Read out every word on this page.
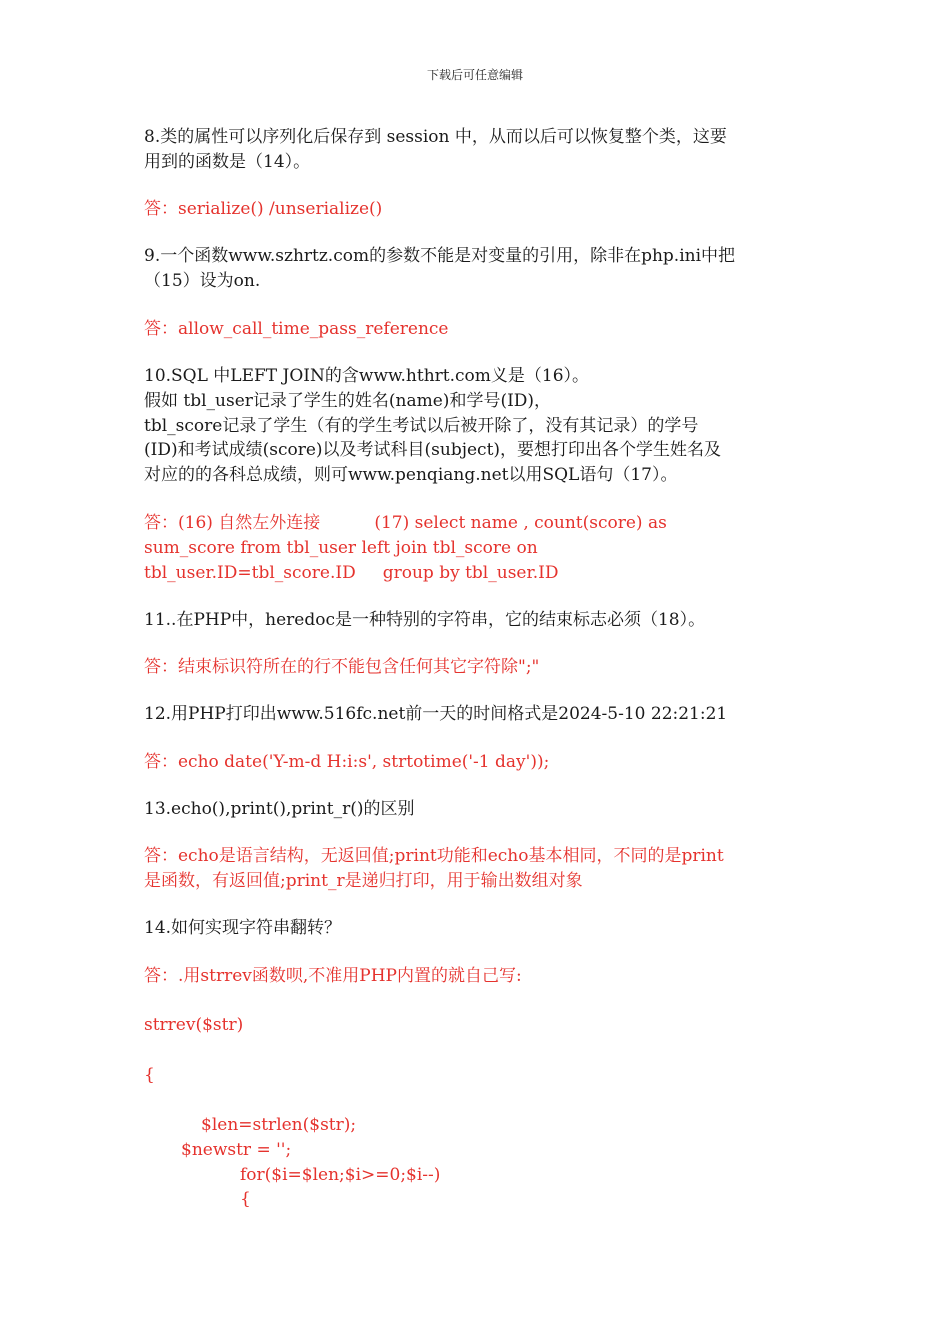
下载后可任意编辑
8.类的属性可以序列化后保存到 session 中，从而以后可以恢复整个类，这要
用到的函数是（14）。
答：serialize() /unserialize()
9.一个函数www.szhrtz.com的参数不能是对变量的引用，除非在php.ini中把
（15）设为on.
答：allow_call_time_pass_reference
10.SQL 中LEFT JOIN的含www.hthrt.com义是（16）。
假如 tbl_user记录了学生的姓名(name)和学号(ID)，
tbl_score记录了学生（有的学生考试以后被开除了，没有其记录）的学号
(ID)和考试成绩(score)以及考试科目(subject)，要想打印出各个学生姓名及
对应的的各科总成绩，则可www.penqiang.net以用SQL语句（17）。
答：(16) 自然左外连接          (17) select name , count(score) as
sum_score from tbl_user left join tbl_score on
tbl_user.ID=tbl_score.ID     group by tbl_user.ID
11..在PHP中，heredoc是一种特别的字符串，它的结束标志必须（18）。
答：结束标识符所在的行不能包含任何其它字符除";"
12.用PHP打印出www.516fc.net前一天的时间格式是2024-5-10 22:21:21
答：echo date('Y-m-d H:i:s', strtotime('-1 day'));
13.echo(),print(),print_r()的区别
答：echo是语言结构，无返回值;print功能和echo基本相同，不同的是print
是函数，有返回值;print_r是递归打印，用于输出数组对象
14.如何实现字符串翻转？
答：.用strrev函数呗,不准用PHP内置的就自己写:
strrev($str)
{
$len=strlen($str);
$newstr = '';
for($i=$len;$i>=0;$i--)
{
